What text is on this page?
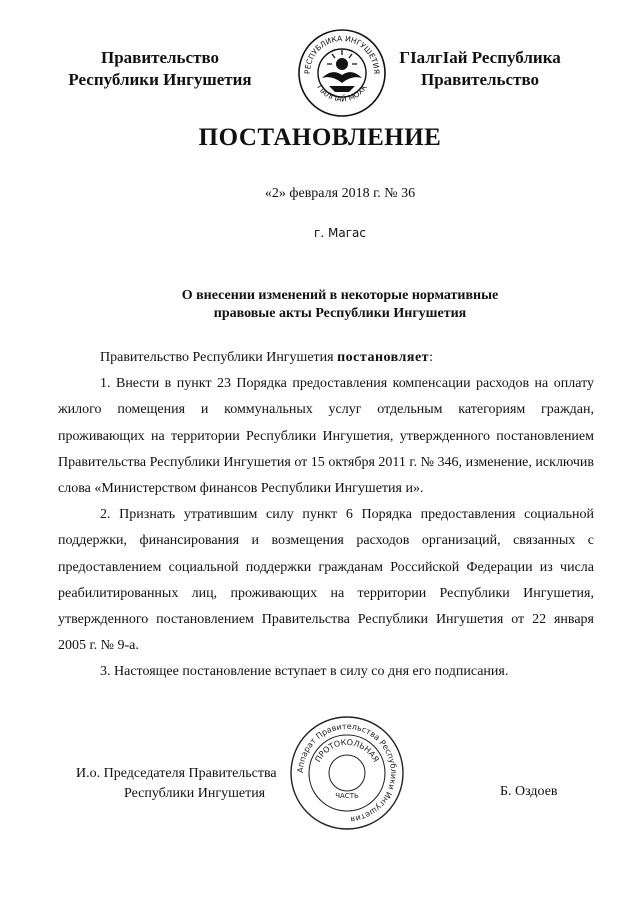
Правительство
Республики Ингушетия	РЕСПУБЛИКА ИНГУШЕТИЯ
ГIАЛГIАЙ МОХК
ГIалгIай Республика
Правительство
ПОСТАНОВЛЕНИЕ
«2» февраля 2018 г. № 36
г. Магас
О внесении изменений в некоторые нормативные
правовые акты Республики Ингушетия
Правительство Республики Ингушетия постановляет:

1. Внести в пункт 23 Порядка предоставления компенсации расходов на оплату жилого помещения и коммунальных услуг отдельным категориям граждан, проживающих на территории Республики Ингушетия, утвержденного постановлением Правительства Республики Ингушетия от 15 октября 2011 г. № 346, изменение, исключив слова «Министерством финансов Республики Ингушетия и».

2. Признать утратившим силу пункт 6 Порядка предоставления социальной поддержки, финансирования и возмещения расходов организаций, связанных с предоставлением социальной поддержки гражданам Российской Федерации из числа реабилитированных лиц, проживающих на территории Республики Ингушетия, утвержденного постановлением Правительства Республики Ингушетия от 22 января 2005 г. № 9-а.

3. Настоящее постановление вступает в силу со дня его подписания.

И.о. Председателя Правительства
Республики Ингушетия
Аппарат Правительства Республики Ингушетия
ПРОТОКОЛЬНАЯ
ЧАСТЬ	Б. Оздоев
